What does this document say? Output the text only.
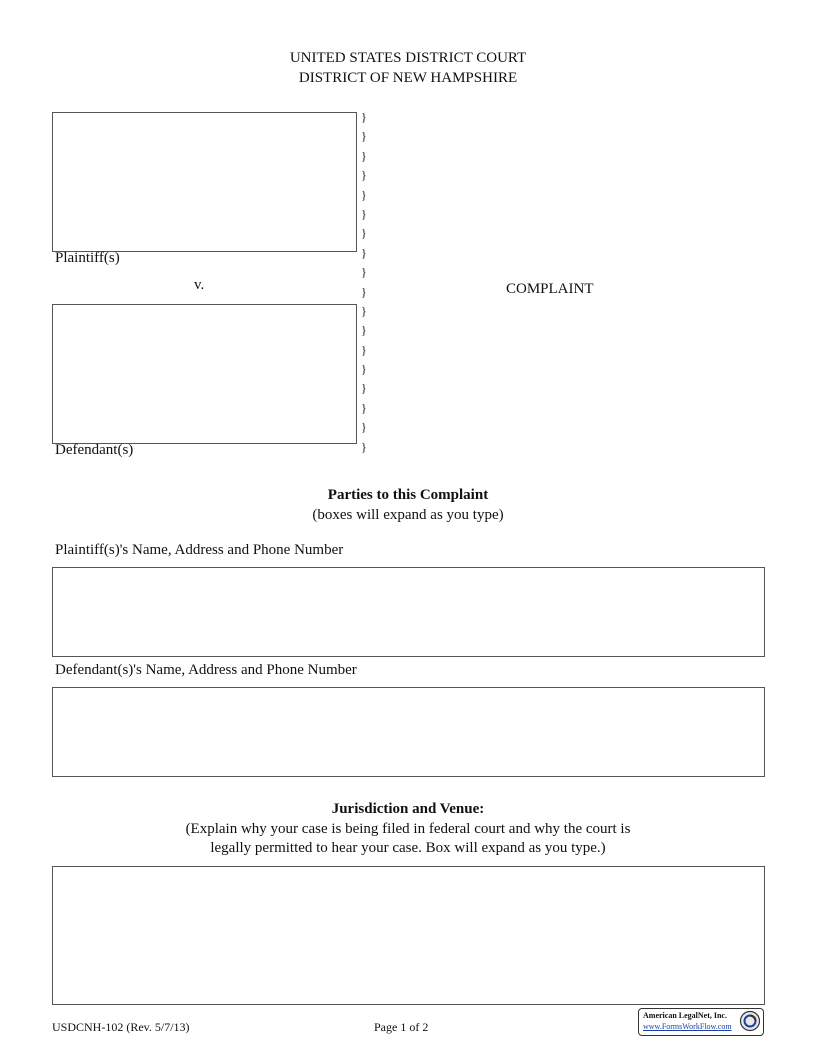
UNITED STATES DISTRICT COURT
DISTRICT OF NEW HAMPSHIRE
Plaintiff(s)
v.
Defendant(s)
}
}
}
}
}
}
}
}
}
}
}
}
}
}
}
}
}
}
COMPLAINT
Parties to this Complaint
(boxes will expand as you type)
Plaintiff(s)'s Name, Address and Phone Number
Defendant(s)'s Name, Address and Phone Number
Jurisdiction and Venue:
(Explain why your case is being filed in federal court and why the court is
legally permitted to hear your case. Box will expand as you type.)
USDCNH-102 (Rev. 5/7/13)	Page 1 of 2
American LegalNet, Inc.
www.FormsWorkFlow.com
